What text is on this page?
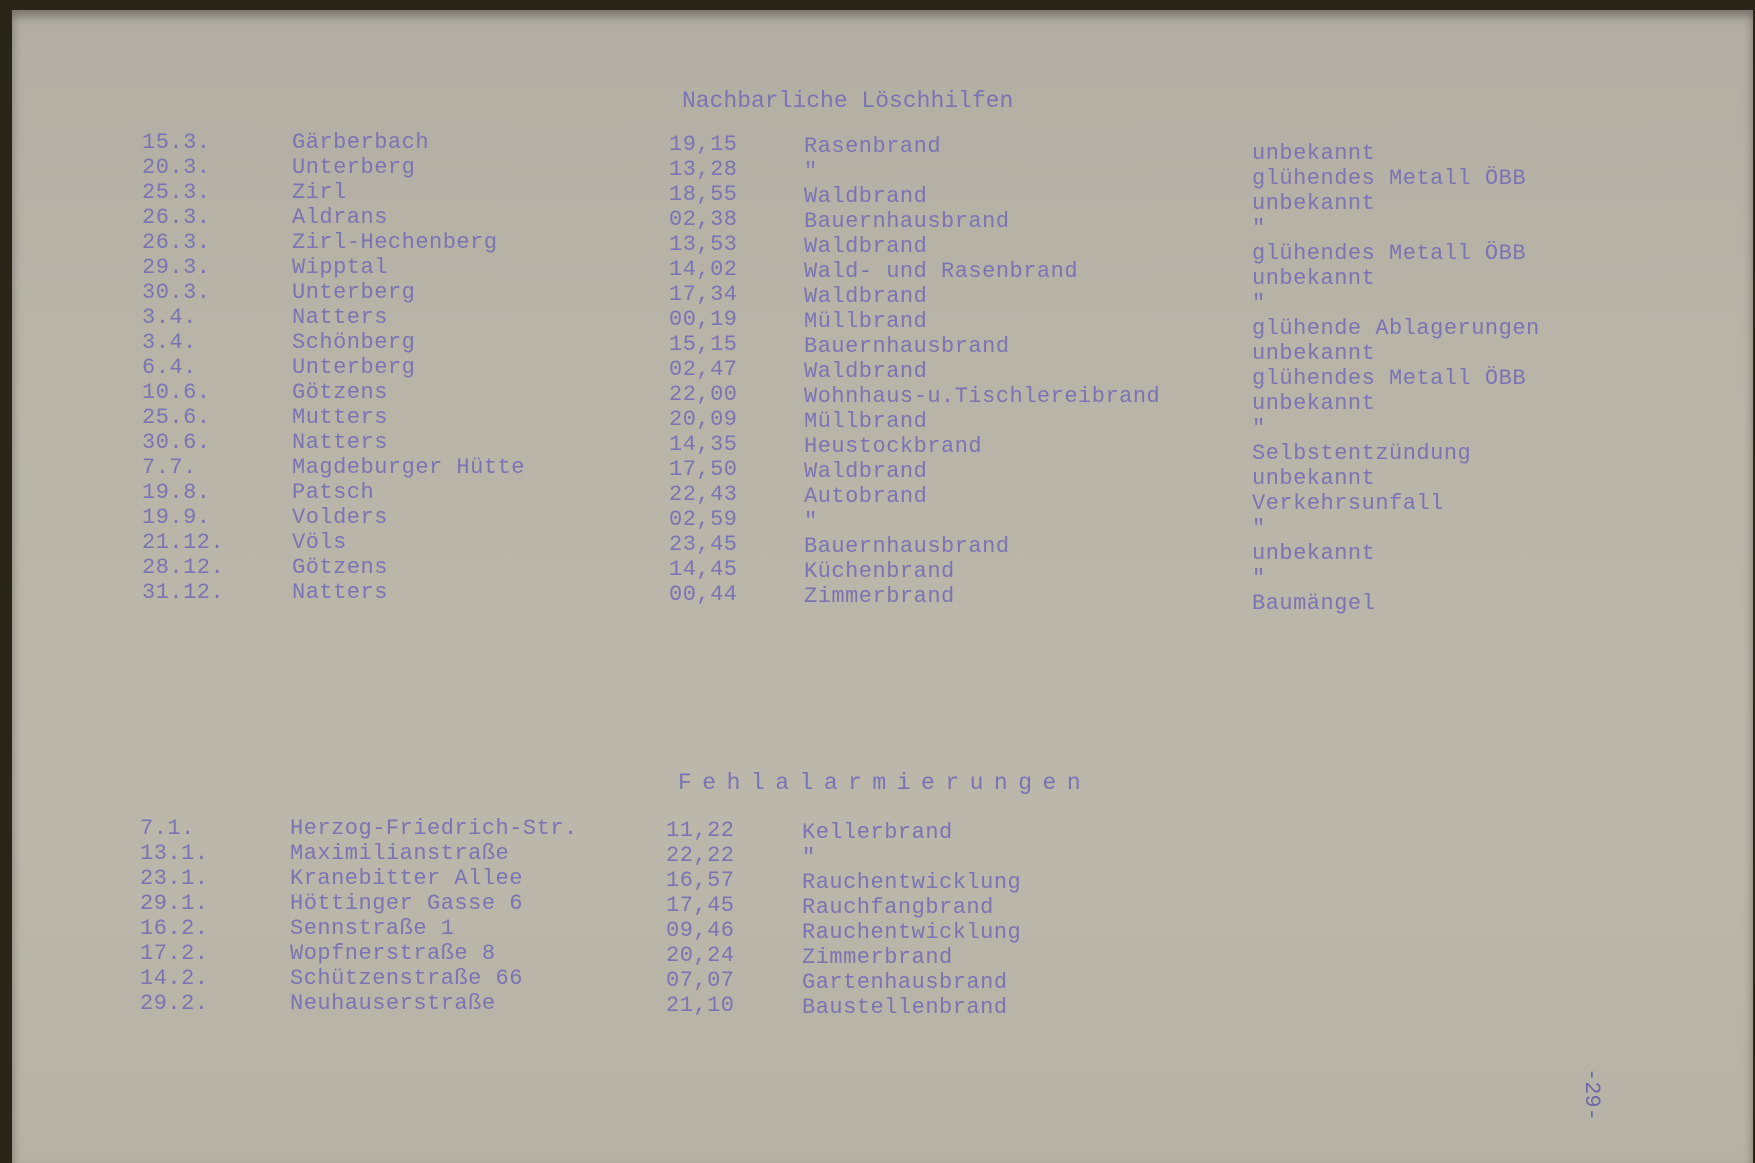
Nachbarliche Löschhilfen
15.3.
20.3.
25.3.
26.3.
26.3.
29.3.
30.3.
3.4.
3.4.
6.4.
10.6.
25.6.
30.6.
7.7.
19.8.
19.9.
21.12.
28.12.
31.12.
Gärberbach
Unterberg
Zirl
Aldrans
Zirl-Hechenberg
Wipptal
Unterberg
Natters
Schönberg
Unterberg
Götzens
Mutters
Natters
Magdeburger Hütte
Patsch
Volders
Völs
Götzens
Natters
19,15
13,28
18,55
02,38
13,53
14,02
17,34
00,19
15,15
02,47
22,00
20,09
14,35
17,50
22,43
02,59
23,45
14,45
00,44
Rasenbrand
"
Waldbrand
Bauernhausbrand
Waldbrand
Wald- und Rasenbrand
Waldbrand
Müllbrand
Bauernhausbrand
Waldbrand
Wohnhaus-u.Tischlereibrand
Müllbrand
Heustockbrand
Waldbrand
Autobrand
"
Bauernhausbrand
Küchenbrand
Zimmerbrand
unbekannt
glühendes Metall ÖBB
unbekannt
"
glühendes Metall ÖBB
unbekannt
"
glühende Ablagerungen
unbekannt
glühendes Metall ÖBB
unbekannt
"
Selbstentzündung
unbekannt
Verkehrsunfall
"
unbekannt
"
Baumängel
Fehlalarmierungen
7.1.
13.1.
23.1.
29.1.
16.2.
17.2.
14.2.
29.2.
Herzog-Friedrich-Str.
Maximilianstraße
Kranebitter Allee
Höttinger Gasse 6
Sennstraße 1
Wopfnerstraße 8
Schützenstraße 66
Neuhauserstraße
11,22
22,22
16,57
17,45
09,46
20,24
07,07
21,10
Kellerbrand
"
Rauchentwicklung
Rauchfangbrand
Rauchentwicklung
Zimmerbrand
Gartenhausbrand
Baustellenbrand
-29-
